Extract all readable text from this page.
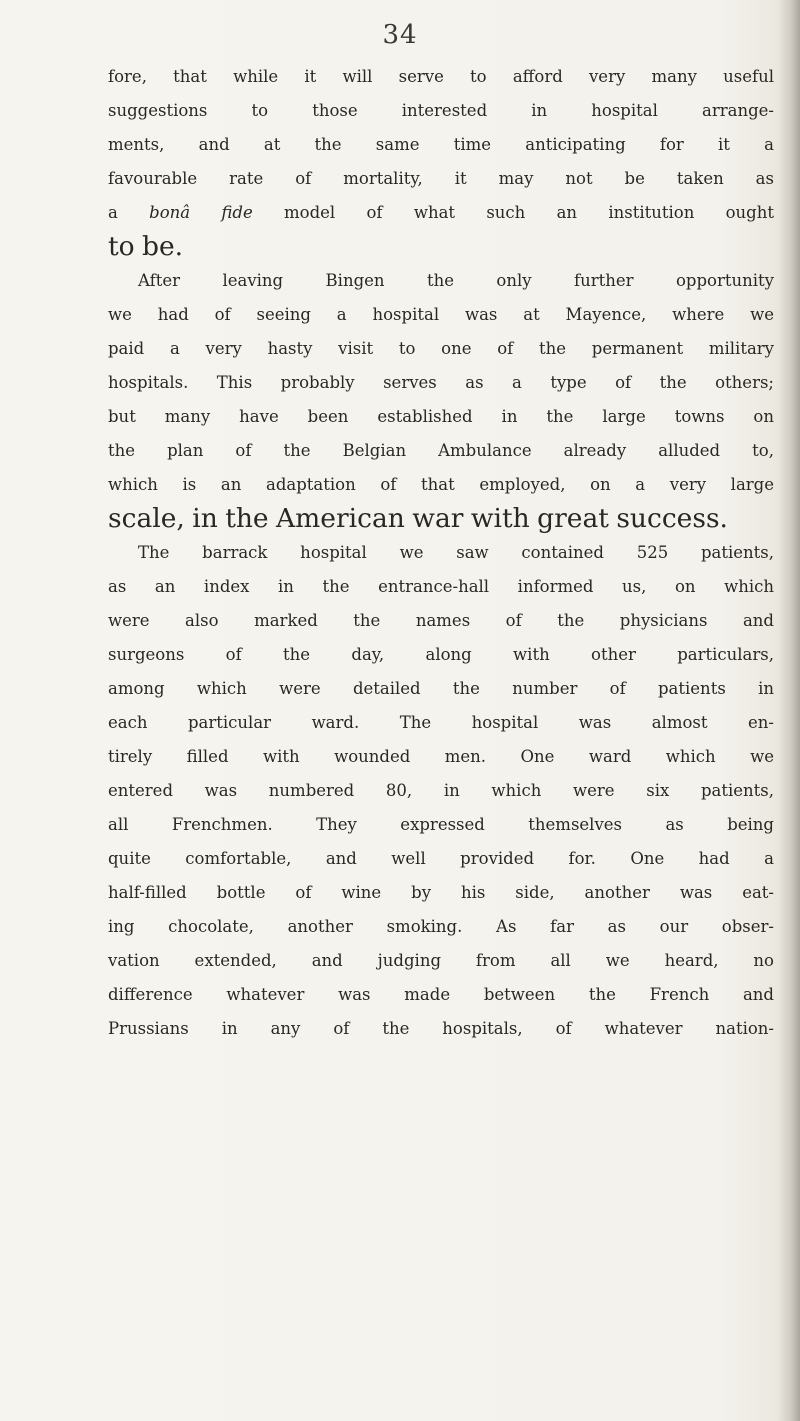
34
fore, that while it will serve to afford very many useful
suggestions to those interested in hospital arrange-
ments, and at the same time anticipating for it a
favourable rate of mortality, it may not be taken as
a bonâ fide model of what such an institution ought
to be.
After leaving Bingen the only further opportunity
we had of seeing a hospital was at Mayence, where we
paid a very hasty visit to one of the permanent military
hospitals. This probably serves as a type of the others;
but many have been established in the large towns on
the plan of the Belgian Ambulance already alluded to,
which is an adaptation of that employed, on a very large
scale, in the American war with great success.
The barrack hospital we saw contained 525 patients,
as an index in the entrance-hall informed us, on which
were also marked the names of the physicians and
surgeons of the day, along with other particulars,
among which were detailed the number of patients in
each particular ward. The hospital was almost en-
tirely filled with wounded men. One ward which we
entered was numbered 80, in which were six patients,
all Frenchmen. They expressed themselves as being
quite comfortable, and well provided for. One had a
half-filled bottle of wine by his side, another was eat-
ing chocolate, another smoking. As far as our obser-
vation extended, and judging from all we heard, no
difference whatever was made between the French and
Prussians in any of the hospitals, of whatever nation-
